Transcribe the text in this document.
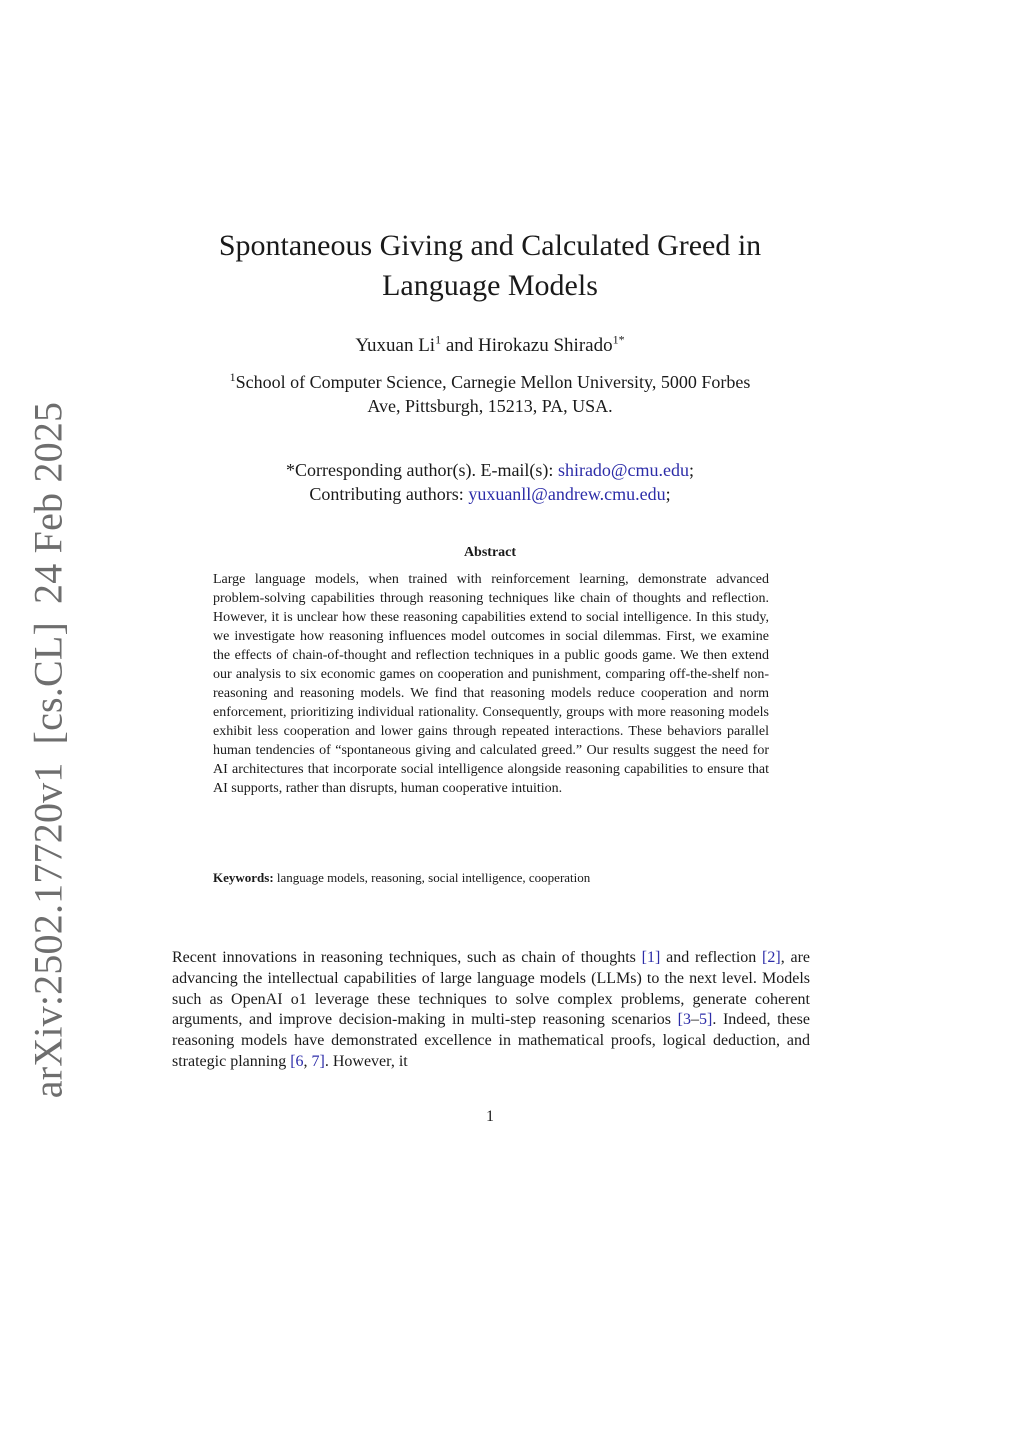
arXiv:2502.17720v1[cs.CL]24 Feb 2025
Spontaneous Giving and Calculated Greed in
Language Models
Yuxuan Li$^1$ and Hirokazu Shirado$^{1*}$
$^1$School of Computer Science, Carnegie Mellon University, 5000 Forbes
Ave, Pittsburgh, 15213, PA, USA.
*Corresponding author(s). E-mail(s): shirado@cmu.edu;
Contributing authors: yuxuanll@andrew.cmu.edu;
Abstract

Large language models, when trained with reinforcement learning, demonstrate advanced problem-solving capabilities through reasoning techniques like chain of thoughts and reflection. However, it is unclear how these reasoning capabilities extend to social intelligence. In this study, we investigate how reasoning influences model outcomes in social dilemmas. First, we examine the effects of chain-of-thought and reflection techniques in a public goods game. We then extend our analysis to six economic games on cooperation and punishment, comparing off-the-shelf non-reasoning and reasoning models. We find that reasoning models reduce cooperation and norm enforcement, prioritizing individual rationality. Consequently, groups with more reasoning models exhibit less cooperation and lower gains through repeated interactions. These behaviors parallel human tendencies of “spontaneous giving and calculated greed.” Our results suggest the need for AI architectures that incorporate social intelligence alongside reasoning capabilities to ensure that AI supports, rather than disrupts, human cooperative intuition.

Keywords: language models, reasoning, social intelligence, cooperation

Recent innovations in reasoning techniques, such as chain of thoughts [1] and reflection [2], are advancing the intellectual capabilities of large language models (LLMs) to the next level. Models such as OpenAI o1 leverage these techniques to solve complex problems, generate coherent arguments, and improve decision-making in multi-step reasoning scenarios [3–5]. Indeed, these reasoning models have demonstrated excellence in mathematical proofs, logical deduction, and strategic planning [6, 7]. However, it

1
